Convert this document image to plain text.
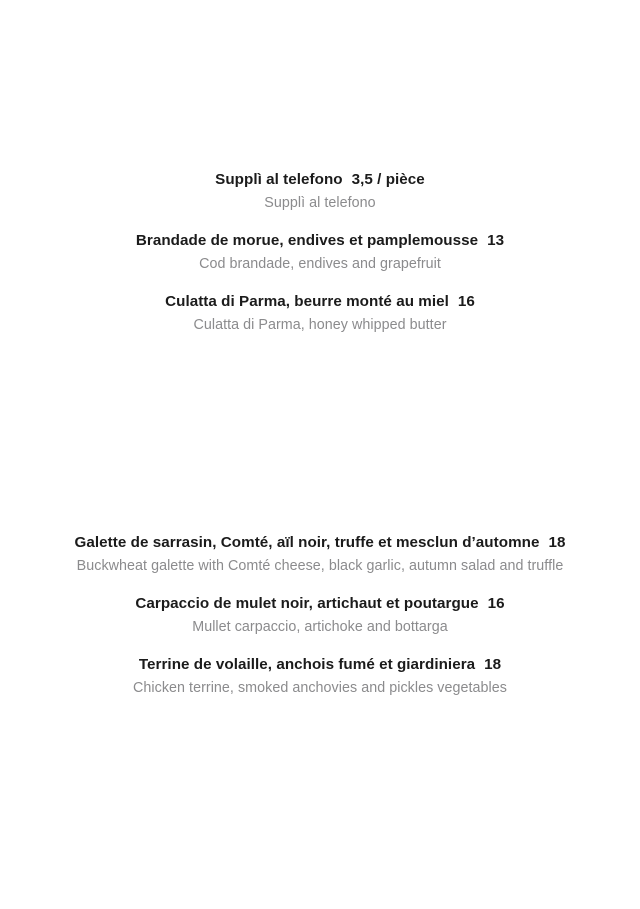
Supplì al telefono 3,5 / pièce
Supplì al telefono
Brandade de morue, endives et pamplemousse 13
Cod brandade, endives and grapefruit
Culatta di Parma, beurre monté au miel 16
Culatta di Parma, honey whipped butter
Galette de sarrasin, Comté, aïl noir, truffe et mesclun d’automne 18
Buckwheat galette with Comté cheese, black garlic, autumn salad and truffle
Carpaccio de mulet noir, artichaut et poutargue 16
Mullet carpaccio, artichoke and bottarga
Terrine de volaille, anchois fumé et giardiniera 18
Chicken terrine, smoked anchovies and pickles vegetables
